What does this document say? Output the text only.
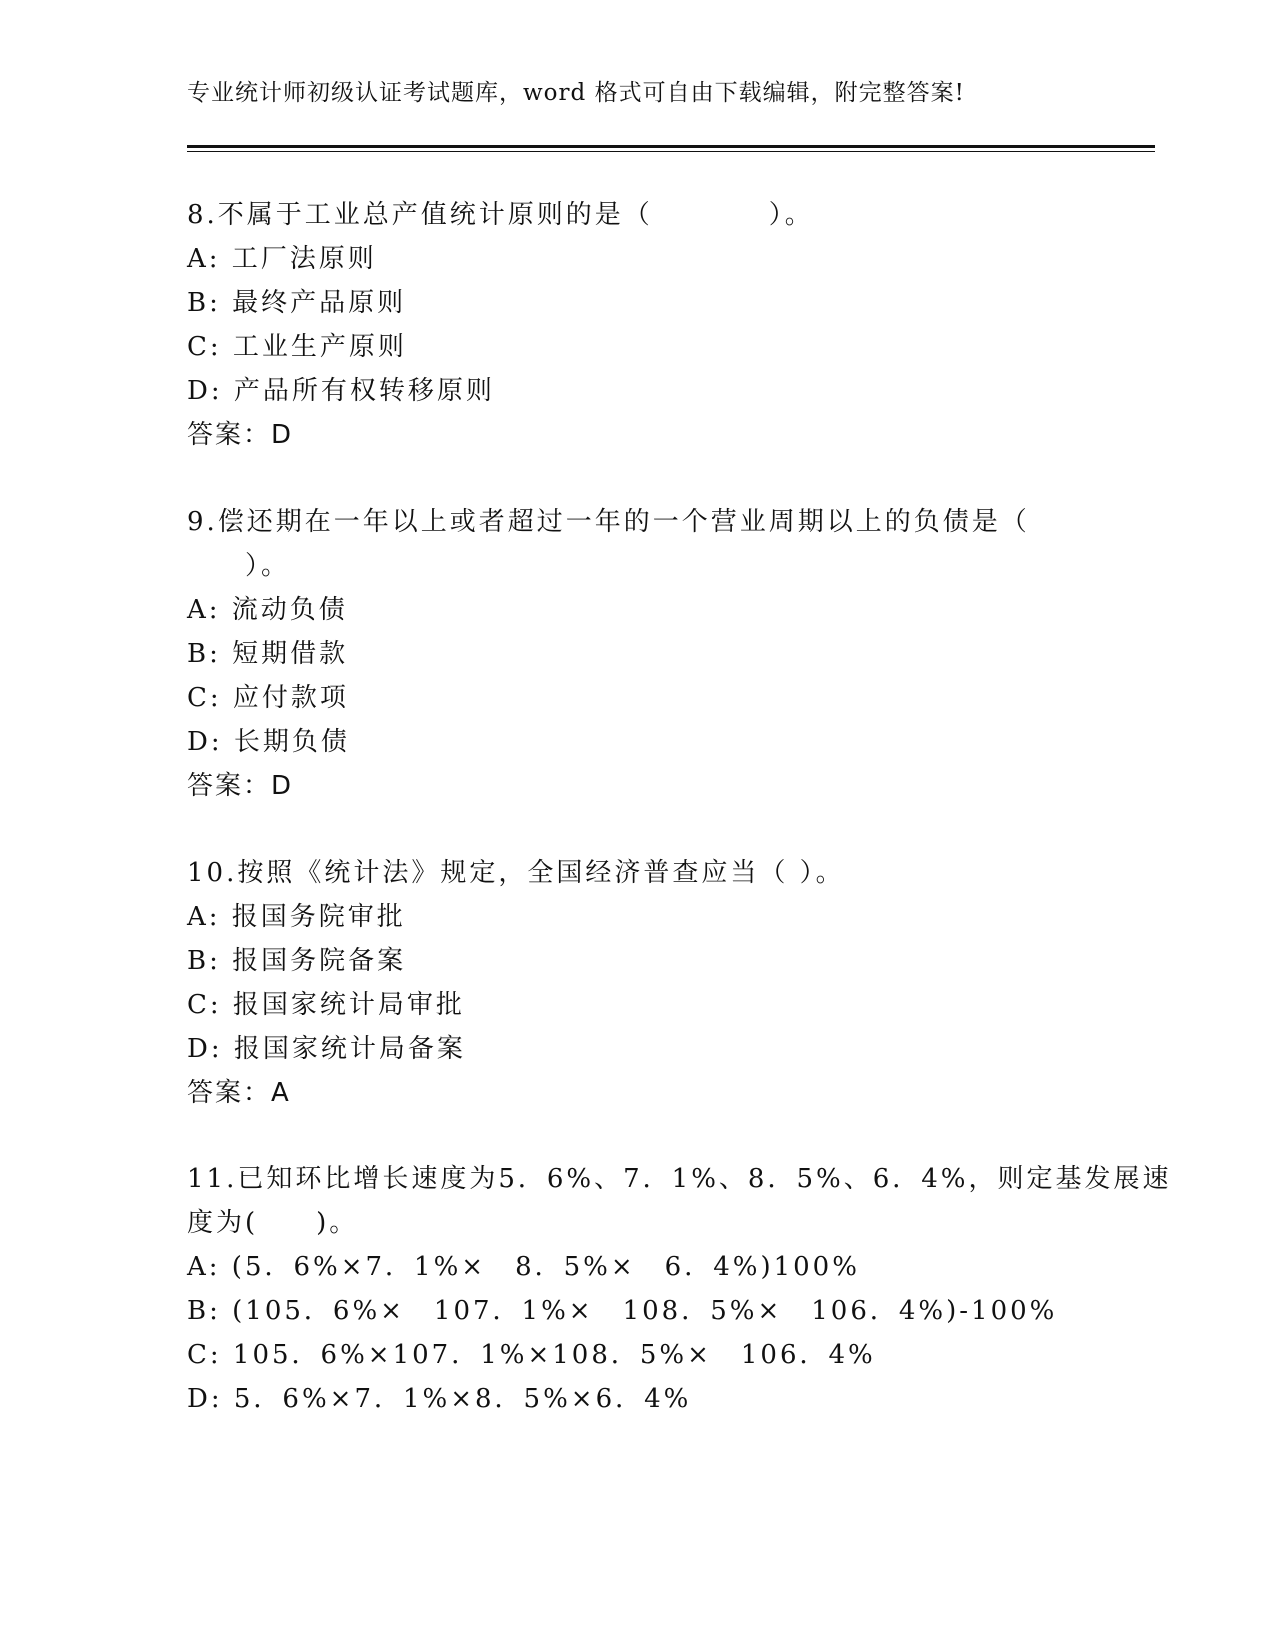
专业统计师初级认证考试题库，word 格式可自由下载编辑，附完整答案!
8.不属于工业总产值统计原则的是（　　　　）。
A: 工厂法原则
B: 最终产品原则
C: 工业生产原则
D: 产品所有权转移原则
答案：D
9.偿还期在一年以上或者超过一年的一个营业周期以上的负债是（
　　）。
A: 流动负债
B: 短期借款
C: 应付款项
D: 长期负债
答案：D
10.按照《统计法》规定，全国经济普查应当（ ）。
A: 报国务院审批
B: 报国务院备案
C: 报国家统计局审批
D: 报国家统计局备案
答案：A
11.已知环比增长速度为5．6%、7．1%、8．5%、6．4%，则定基发展速
度为(　　)。
A: (5．6%×7．1%×　8．5%×　6．4%)100%
B: (105．6%×　107．1%×　108．5%×　106．4%)-100%
C: 105．6%×107．1%×108．5%×　106．4%
D: 5．6%×7．1%×8．5%×6．4%
